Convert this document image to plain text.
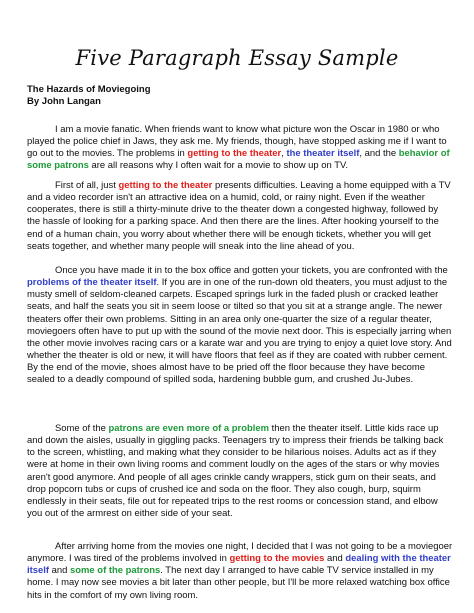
Five Paragraph Essay Sample
The Hazards of Moviegoing
By John Langan

I am a movie fanatic. When friends want to know what picture won the Oscar in 1980 or who played the police chief in Jaws, they ask me. My friends, though, have stopped asking me if I want to go out to the movies. The problems in getting to the theater, the theater itself, and the behavior of some patrons are all reasons why I often wait for a movie to show up on TV.

First of all, just getting to the theater presents difficulties. Leaving a home equipped with a TV and a video recorder isn't an attractive idea on a humid, cold, or rainy night. Even if the weather cooperates, there is still a thirty-minute drive to the theater down a congested highway, followed by the hassle of looking for a parking space. And then there are the lines. After hooking yourself to the end of a human chain, you worry about whether there will be enough tickets, whether you will get seats together, and whether many people will sneak into the line ahead of you.

Once you have made it in to the box office and gotten your tickets, you are confronted with the problems of the theater itself. If you are in one of the run-down old theaters, you must adjust to the musty smell of seldom-cleaned carpets. Escaped springs lurk in the faded plush or cracked leather seats, and half the seats you sit in seem loose or tilted so that you sit at a strange angle. The newer theaters offer their own problems. Sitting in an area only one-quarter the size of a regular theater, moviegoers often have to put up with the sound of the movie next door. This is especially jarring when the other movie involves racing cars or a karate war and you are trying to enjoy a quiet love story. And whether the theater is old or new, it will have floors that feel as if they are coated with rubber cement. By the end of the movie, shoes almost have to be pried off the floor because they have become sealed to a deadly compound of spilled soda, hardening bubble gum, and crushed Ju-Jubes.

Some of the patrons are even more of a problem then the theater itself. Little kids race up and down the aisles, usually in giggling packs. Teenagers try to impress their friends be talking back to the screen, whistling, and making what they consider to be hilarious noises. Adults act as if they were at home in their own living rooms and comment loudly on the ages of the stars or why movies aren't good anymore. And people of all ages crinkle candy wrappers, stick gum on their seats, and drop popcorn tubs or cups of crushed ice and soda on the floor. They also cough, burp, squirm endlessly in their seats, file out for repeated trips to the rest rooms or concession stand, and elbow you out of the armrest on either side of your seat.

After arriving home from the movies one night, I decided that I was not going to be a moviegoer anymore. I was tired of the problems involved in getting to the movies and dealing with the theater itself and some of the patrons. The next day I arranged to have cable TV service installed in my home. I may now see movies a bit later than other people, but I'll be more relaxed watching box office hits in the comfort of my own living room.
